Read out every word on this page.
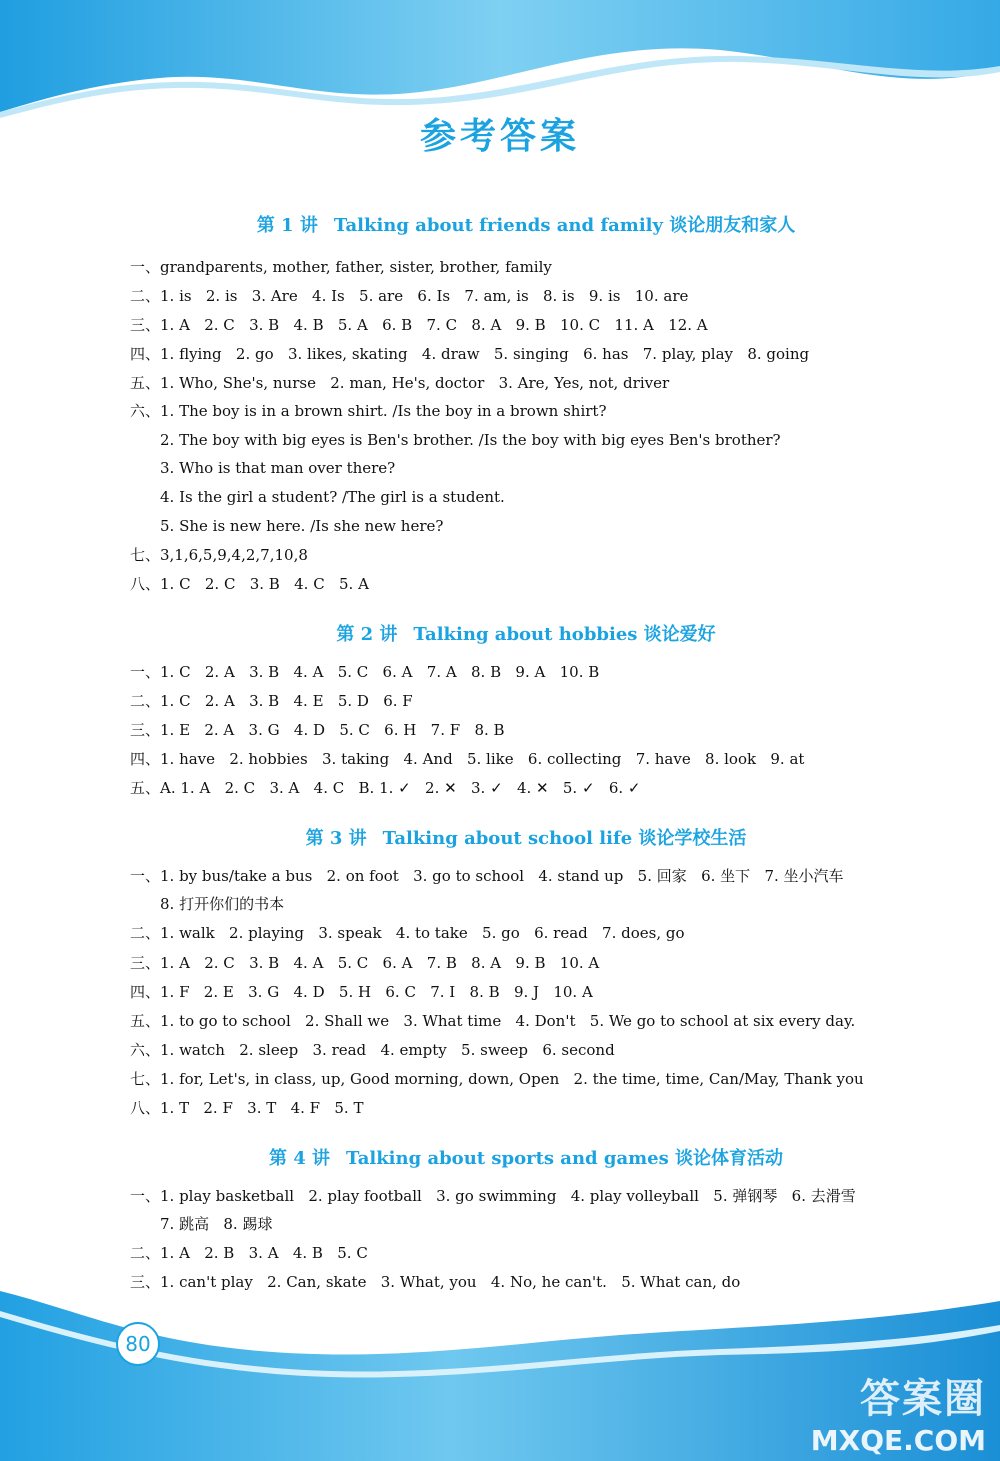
参考答案
第 1 讲 Talking about friends and family 谈论朋友和家人
一、grandparents, mother, father, sister, brother, family
二、1. is   2. is   3. Are   4. Is   5. are   6. Is   7. am, is   8. is   9. is   10. are
三、1. A   2. C   3. B   4. B   5. A   6. B   7. C   8. A   9. B   10. C   11. A   12. A
四、1. flying   2. go   3. likes, skating   4. draw   5. singing   6. has   7. play, play   8. going
五、1. Who, She's, nurse   2. man, He's, doctor   3. Are, Yes, not, driver
六、1. The boy is in a brown shirt. /Is the boy in a brown shirt?
2. The boy with big eyes is Ben's brother. /Is the boy with big eyes Ben's brother?
3. Who is that man over there?
4. Is the girl a student? /The girl is a student.
5. She is new here. /Is she new here?
七、3,1,6,5,9,4,2,7,10,8
八、1. C   2. C   3. B   4. C   5. A
第 2 讲 Talking about hobbies 谈论爱好
一、1. C   2. A   3. B   4. A   5. C   6. A   7. A   8. B   9. A   10. B
二、1. C   2. A   3. B   4. E   5. D   6. F
三、1. E   2. A   3. G   4. D   5. C   6. H   7. F   8. B
四、1. have   2. hobbies   3. taking   4. And   5. like   6. collecting   7. have   8. look   9. at
五、A. 1. A   2. C   3. A   4. C   B. 1. ✓   2. ✕   3. ✓   4. ✕   5. ✓   6. ✓
第 3 讲 Talking about school life 谈论学校生活
一、1. by bus/take a bus   2. on foot   3. go to school   4. stand up   5. 回家   6. 坐下   7. 坐小汽车
8. 打开你们的书本
二、1. walk   2. playing   3. speak   4. to take   5. go   6. read   7. does, go
三、1. A   2. C   3. B   4. A   5. C   6. A   7. B   8. A   9. B   10. A
四、1. F   2. E   3. G   4. D   5. H   6. C   7. I   8. B   9. J   10. A
五、1. to go to school   2. Shall we   3. What time   4. Don't   5. We go to school at six every day.
六、1. watch   2. sleep   3. read   4. empty   5. sweep   6. second
七、1. for, Let's, in class, up, Good morning, down, Open   2. the time, time, Can/May, Thank you
八、1. T   2. F   3. T   4. F   5. T
第 4 讲 Talking about sports and games 谈论体育活动
一、1. play basketball   2. play football   3. go swimming   4. play volleyball   5. 弹钢琴   6. 去滑雪
7. 跳高   8. 踢球
二、1. A   2. B   3. A   4. B   5. C
三、1. can't play   2. Can, skate   3. What, you   4. No, he can't.   5. What can, do
80
答案圈
MXQE.COM
